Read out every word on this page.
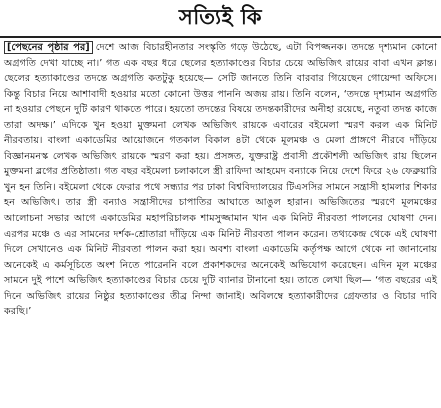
সত্যিই কি

[পেছনের পৃষ্ঠার পর] দেশে আজ বিচারহীনতার সংস্কৃতি গড়ে উঠেছে, এটা বিপজ্জনক। তদন্তে দৃশ্যমান কোনো অগ্রগতি দেখা যাচ্ছে না।’ গত এক বছর ধরে ছেলের হত্যাকাণ্ডের বিচার চেয়ে অভিজিৎ রায়ের বাবা এখন ক্লান্ত। ছেলের হত্যাকাণ্ডের তদন্তে অগ্রগতি কতটুকু হয়েছে— সেটি জানতে তিনি বারবার গিয়েছেন গোয়েন্দা অফিসে। কিন্তু বিচার নিয়ে আশাবাদী হওয়ার মতো কোনো উত্তর পাননি অজয় রায়। তিনি বলেন, ‘তদন্তে দৃশ্যমান অগ্রগতি না হওয়ার পেছনে দুটি কারণ থাকতে পারে। হয়তো তদন্তের বিষয়ে তদন্তকারীদের অনীহা রয়েছে, নতুবা তদন্ত কাজে তারা অদক্ষ।’ এদিকে খুন হওয়া মুক্তমনা লেখক অভিজিৎ রায়কে এবারের বইমেলা স্মরণ করল এক মিনিট নীরবতায়। বাংলা একাডেমির আয়োজনে গতকাল বিকাল ৪টা থেকে মূলমঞ্চ ও মেলা প্রাঙ্গণে নীরবে দাঁড়িয়ে বিজ্ঞানমনস্ক লেখক অভিজিৎ রায়কে স্মরণ করা হয়। প্রসঙ্গত, যুক্তরাষ্ট্র প্রবাসী প্রকৌশলী অভিজিৎ রায় ছিলেন মুক্তমনা ব্লগের প্রতিষ্ঠাতা। গত বছর বইমেলা চলাকালে স্ত্রী রাফিদা আহমেদ বন্যাকে নিয়ে দেশে ফিরে ২৬ ফেব্রুয়ারি খুন হন তিনি। বইমেলা থেকে ফেরার পথে সন্ধ্যার পর ঢাকা বিশ্ববিদ্যালয়ের টিএসসির সামনে সন্ত্রাসী হামলার শিকার হন অভিজিৎ। তার স্ত্রী বন্যাও সন্ত্রাসীদের চাপাতির আঘাতে আঙুল হারান। অভিজিতের স্মরণে মূলমঞ্চের আলোচনা সভার আগে একাডেমির মহাপরিচালক শামসুজ্জামান খান এক মিনিট নীরবতা পালনের ঘোষণা দেন। এরপর মঞ্চে ও এর সামনের দর্শক-শ্রোতারা দাঁড়িয়ে এক মিনিট নীরবতা পালন করেন। তথ্যকেন্দ্র থেকে এই ঘোষণা দিলে সেখানেও এক মিনিট নীরবতা পালন করা হয়। অবশ্য বাংলা একাডেমি কর্তৃপক্ষ আগে থেকে না জানানোয় অনেকেই এ কর্মসূচিতে অংশ নিতে পারেননি বলে প্রকাশকদের অনেকেই অভিযোগ করেছেন। এদিন মূল মঞ্চের সামনে দুই পাশে অভিজিৎ হত্যাকাণ্ডের বিচার চেয়ে দুটি ব্যানার টানানো হয়। তাতে লেখা ছিল— ‘গত বছরের এই দিনে অভিজিৎ রায়ের নিষ্ঠুর হত্যাকাণ্ডের তীব্র নিন্দা জানাই। অবিলম্বে হত্যাকারীদের গ্রেফতার ও বিচার দাবি করছি।’
